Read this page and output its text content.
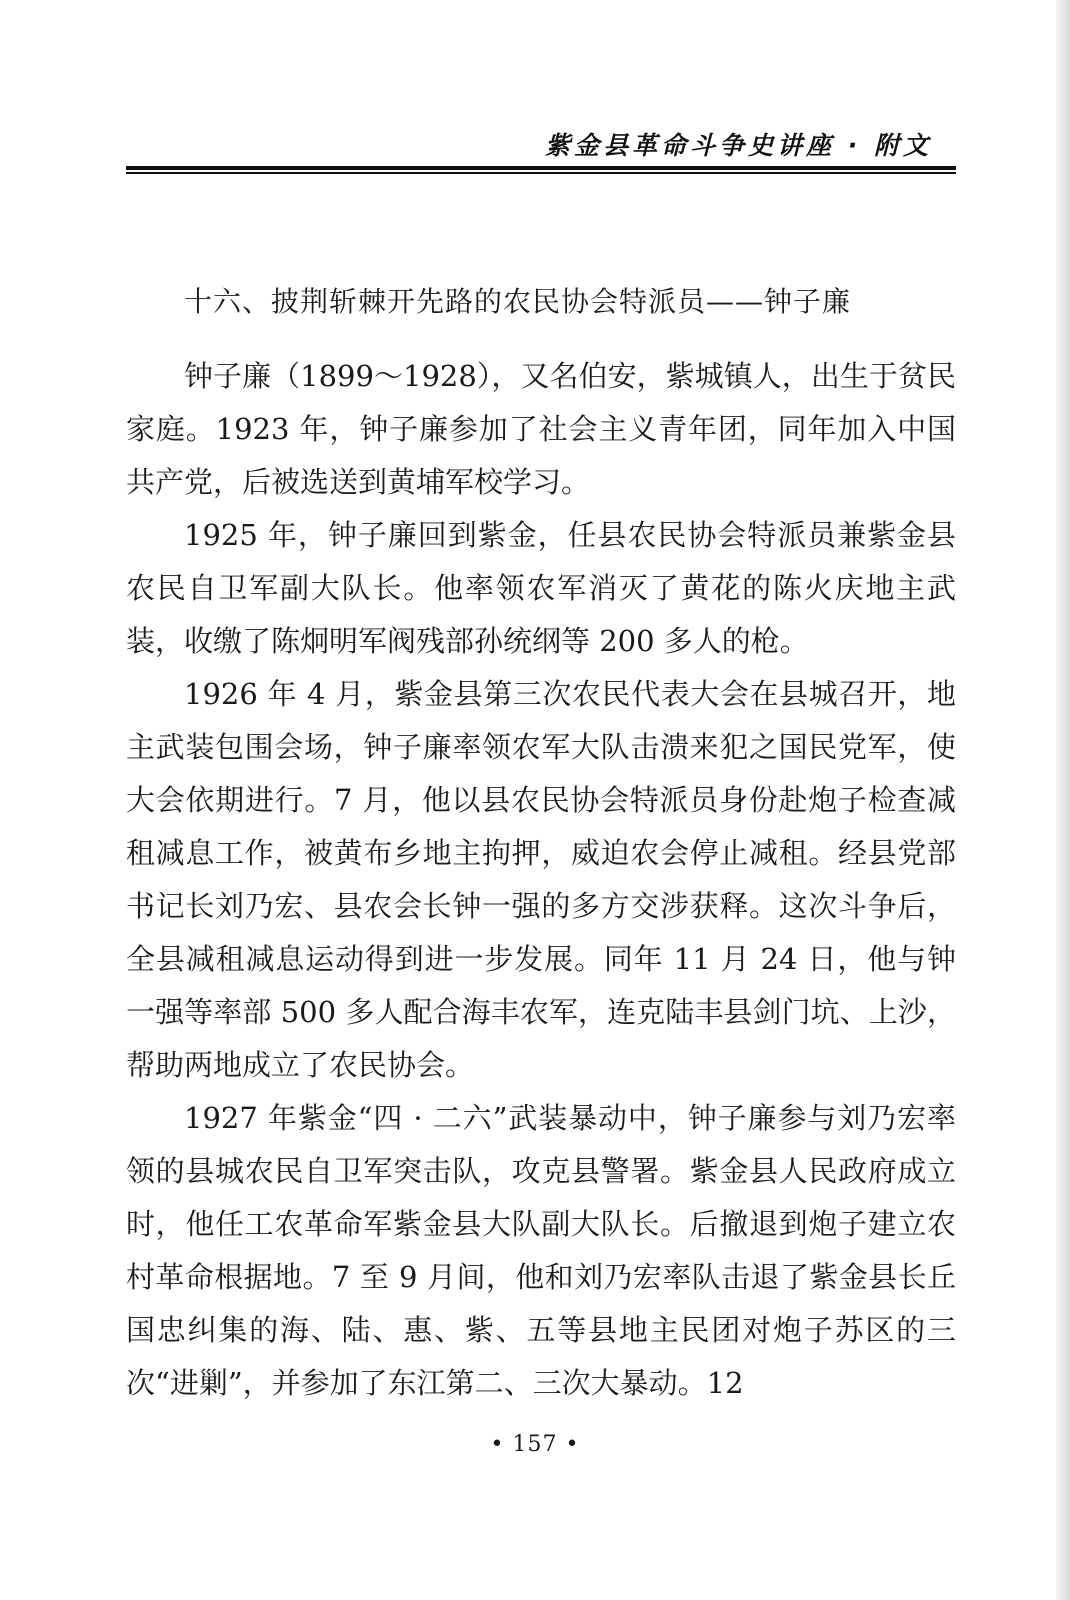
紫金县革命斗争史讲座 · 附文
十六、披荆斩棘开先路的农民协会特派员——钟子廉

钟子廉（1899～1928），又名伯安，紫城镇人，出生于贫民家庭。1923 年，钟子廉参加了社会主义青年团，同年加入中国共产党，后被选送到黄埔军校学习。

1925 年，钟子廉回到紫金，任县农民协会特派员兼紫金县农民自卫军副大队长。他率领农军消灭了黄花的陈火庆地主武装，收缴了陈炯明军阀残部孙统纲等 200 多人的枪。

1926 年 4 月，紫金县第三次农民代表大会在县城召开，地主武装包围会场，钟子廉率领农军大队击溃来犯之国民党军，使大会依期进行。7 月，他以县农民协会特派员身份赴炮子检查减租减息工作，被黄布乡地主拘押，威迫农会停止减租。经县党部书记长刘乃宏、县农会长钟一强的多方交涉获释。这次斗争后，全县减租减息运动得到进一步发展。同年 11 月 24 日，他与钟一强等率部 500 多人配合海丰农军，连克陆丰县剑门坑、上沙，帮助两地成立了农民协会。

1927 年紫金“四 · 二六”武装暴动中，钟子廉参与刘乃宏率领的县城农民自卫军突击队，攻克县警署。紫金县人民政府成立时，他任工农革命军紫金县大队副大队长。后撤退到炮子建立农村革命根据地。7 至 9 月间，他和刘乃宏率队击退了紫金县长丘国忠纠集的海、陆、惠、紫、五等县地主民团对炮子苏区的三次“进剿”，并参加了东江第二、三次大暴动。12

• 157 •
